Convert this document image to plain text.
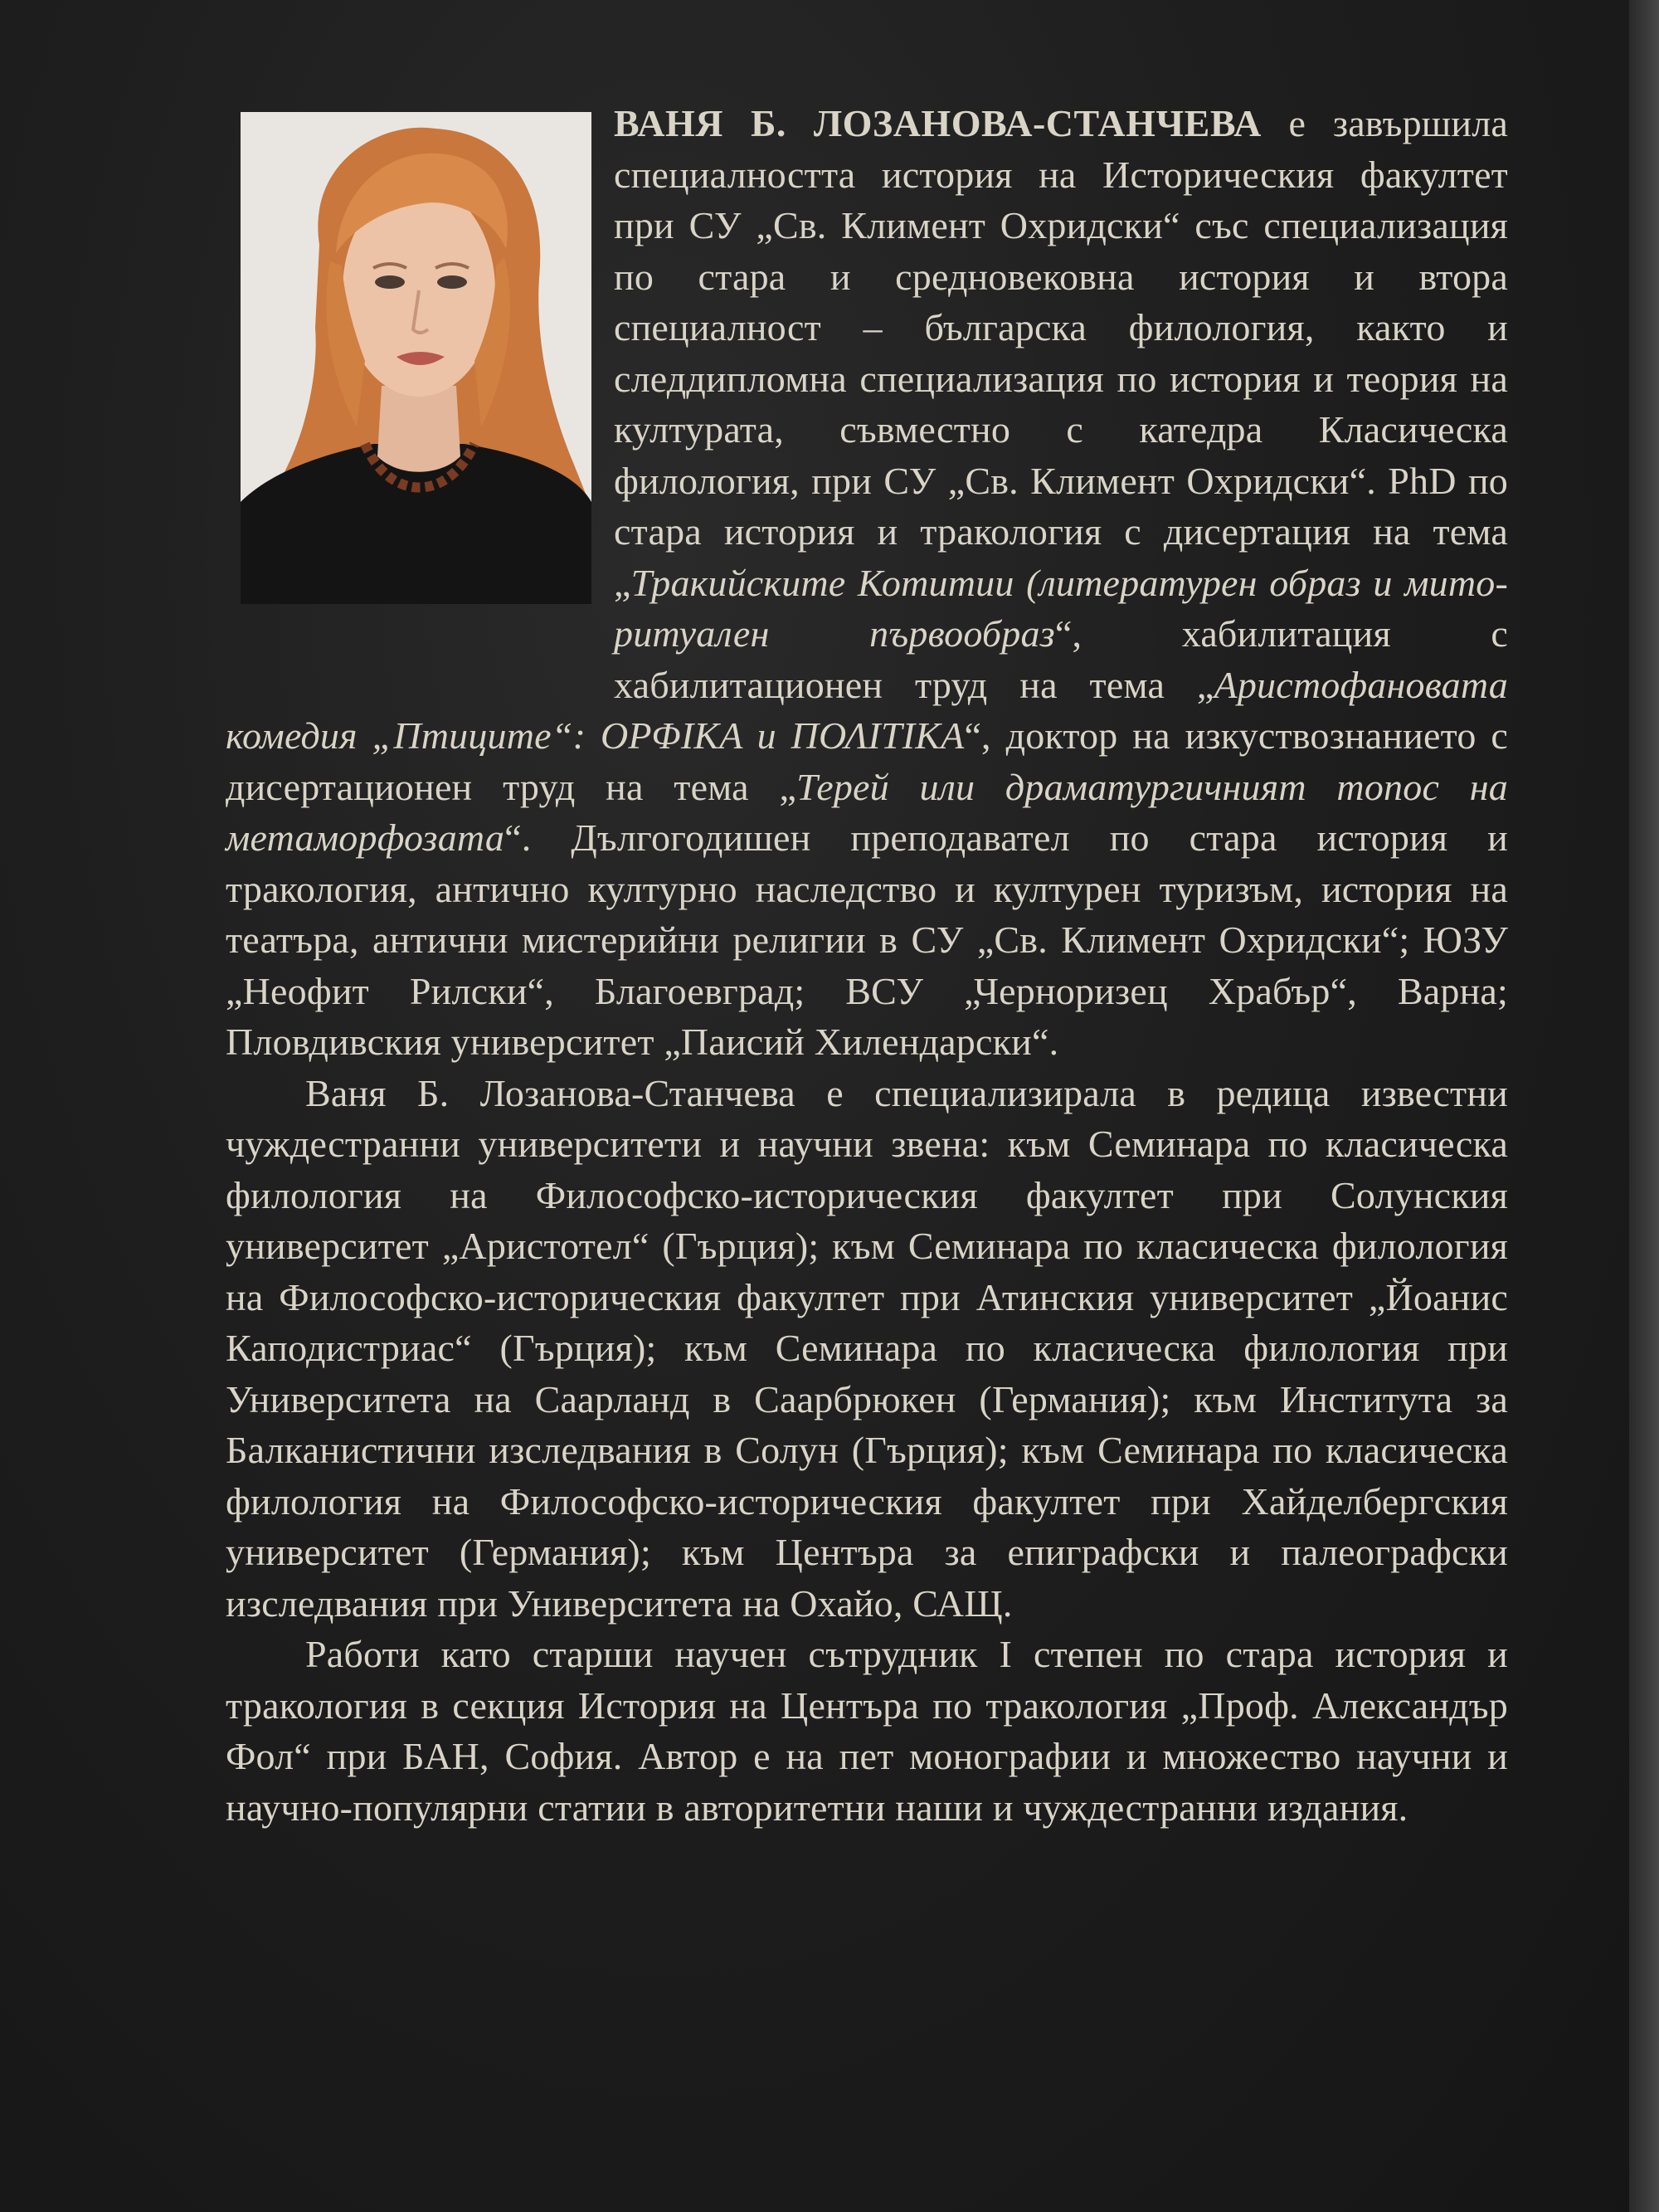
ВАНЯ Б. ЛОЗАНОВА-СТАНЧЕВА е завършила специалността история на Историческия факултет при СУ „Св. Климент Охридски“ със специализация по стара и средновековна история и втора специалност – българска филология, както и следдипломна специализация по история и теория на културата, съвместно с катедра Класическа филология, при СУ „Св. Климент Охридски“. PhD по стара история и тракология с дисертация на тема „Тракийските Котитии (литературен образ и мито-ритуален първообраз“, хабилитация с хабилитационен труд на тема „Аристофановата комедия „Птиците“: ΟΡΦΙΚΑ и ΠΟΛΙΤΙΚΑ“, доктор на изкуствознанието с дисертационен труд на тема „Терей или драматургичният топос на метаморфозата“. Дългогодишен преподавател по стара история и тракология, антично културно наследство и културен туризъм, история на театъра, антични мистерийни религии в СУ „Св. Климент Охридски“; ЮЗУ „Неофит Рилски“, Благоевград; ВСУ „Черноризец Храбър“, Варна; Пловдивския университет „Паисий Хилендарски“.

Ваня Б. Лозанова-Станчева е специализирала в редица известни чуждестранни университети и научни звена: към Семинара по класическа филология на Философско-историческия факултет при Солунския университет „Аристотел“ (Гърция); към Семинара по класическа филология на Философско-историческия факултет при Атинския университет „Йоанис Каподистриас“ (Гърция); към Семинара по класическа филология при Университета на Саарланд в Саарбрюкен (Германия); към Института за Балканистични изследвания в Солун (Гърция); към Семинара по класическа филология на Философско-историческия факултет при Хайделбергския университет (Германия); към Центъра за епиграфски и палеографски изследвания при Университета на Охайо, САЩ.

Работи като старши научен сътрудник I степен по стара история и тракология в секция История на Центъра по тракология „Проф. Александър Фол“ при БАН, София. Автор е на пет монографии и множество научни и научно-популярни статии в авторитетни наши и чуждестранни издания.
